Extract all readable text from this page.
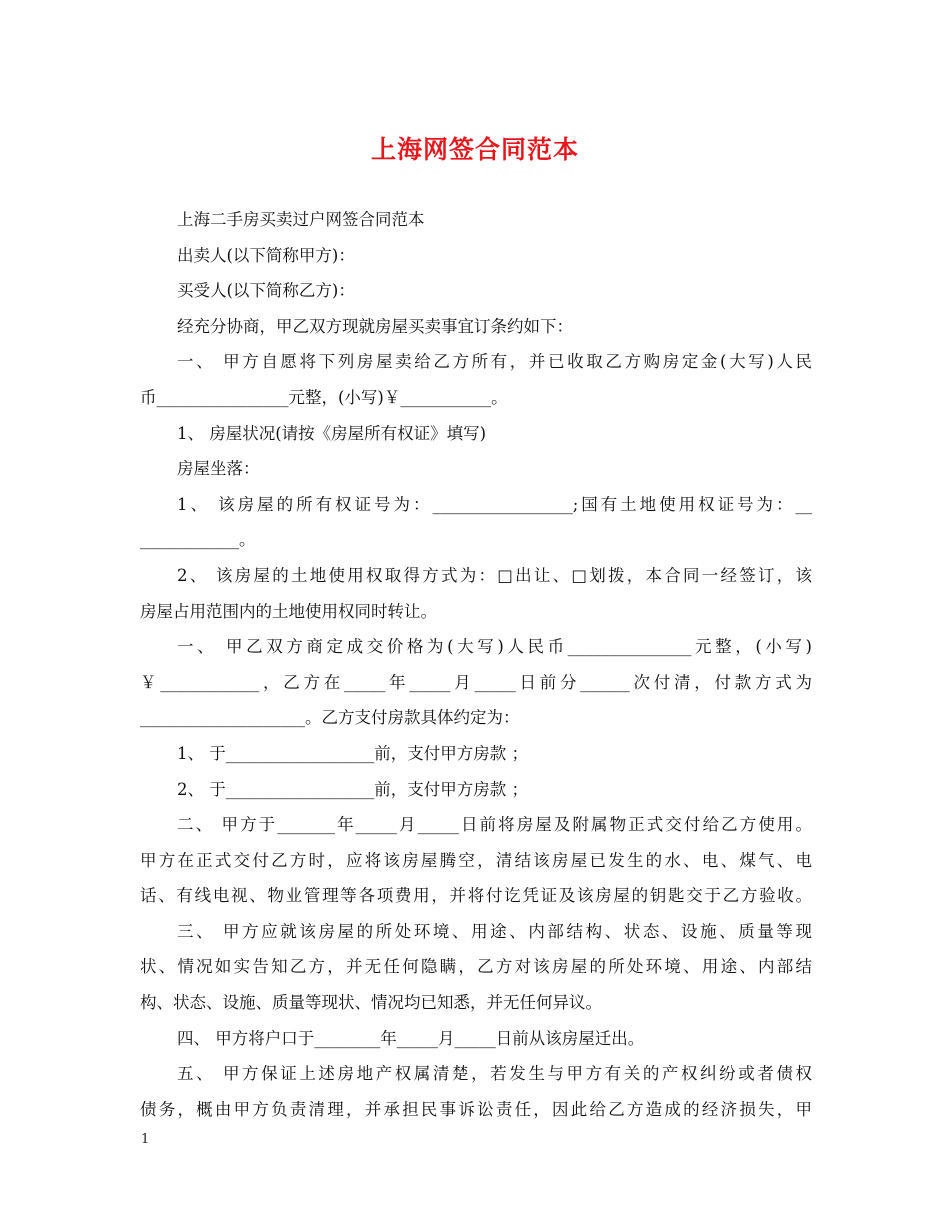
上海网签合同范本

上海二手房买卖过户网签合同范本

出卖人(以下简称甲方)：

买受人(以下简称乙方)：

经充分协商，甲乙双方现就房屋买卖事宜订条约如下：

一、 甲方自愿将下列房屋卖给乙方所有，并已收取乙方购房定金(大写)人民

币________________元整，(小写)￥___________。

1、 房屋状况(请按《房屋所有权证》填写)

房屋坐落：

1、 该房屋的所有权证号为：_________________;国有土地使用权证号为：__

____________。

2、 该房屋的土地使用权取得方式为：□出让、□划拨，本合同一经签订，该

房屋占用范围内的土地使用权同时转让。

一、 甲乙双方商定成交价格为(大写)人民币_______________元整，(小写)

￥____________，乙方在_____年_____月_____日前分______次付清，付款方式为

____________________。乙方支付房款具体约定为：

1、 于__________________前，支付甲方房款 ；

2、 于__________________前，支付甲方房款 ；

二、 甲方于_______年_____月_____日前将房屋及附属物正式交付给乙方使用。

甲方在正式交付乙方时，应将该房屋腾空，清结该房屋已发生的水、电、煤气、电

话、有线电视、物业管理等各项费用，并将付讫凭证及该房屋的钥匙交于乙方验收。

三、 甲方应就该房屋的所处环境、用途、内部结构、状态、设施、质量等现

状、情况如实告知乙方，并无任何隐瞒，乙方对该房屋的所处环境、用途、内部结

构、状态、设施、质量等现状、情况均已知悉，并无任何异议。

四、 甲方将户口于________年_____月_____日前从该房屋迁出。

五、 甲方保证上述房地产权属清楚，若发生与甲方有关的产权纠纷或者债权

债务，概由甲方负责清理，并承担民事诉讼责任，因此给乙方造成的经济损失，甲

1
